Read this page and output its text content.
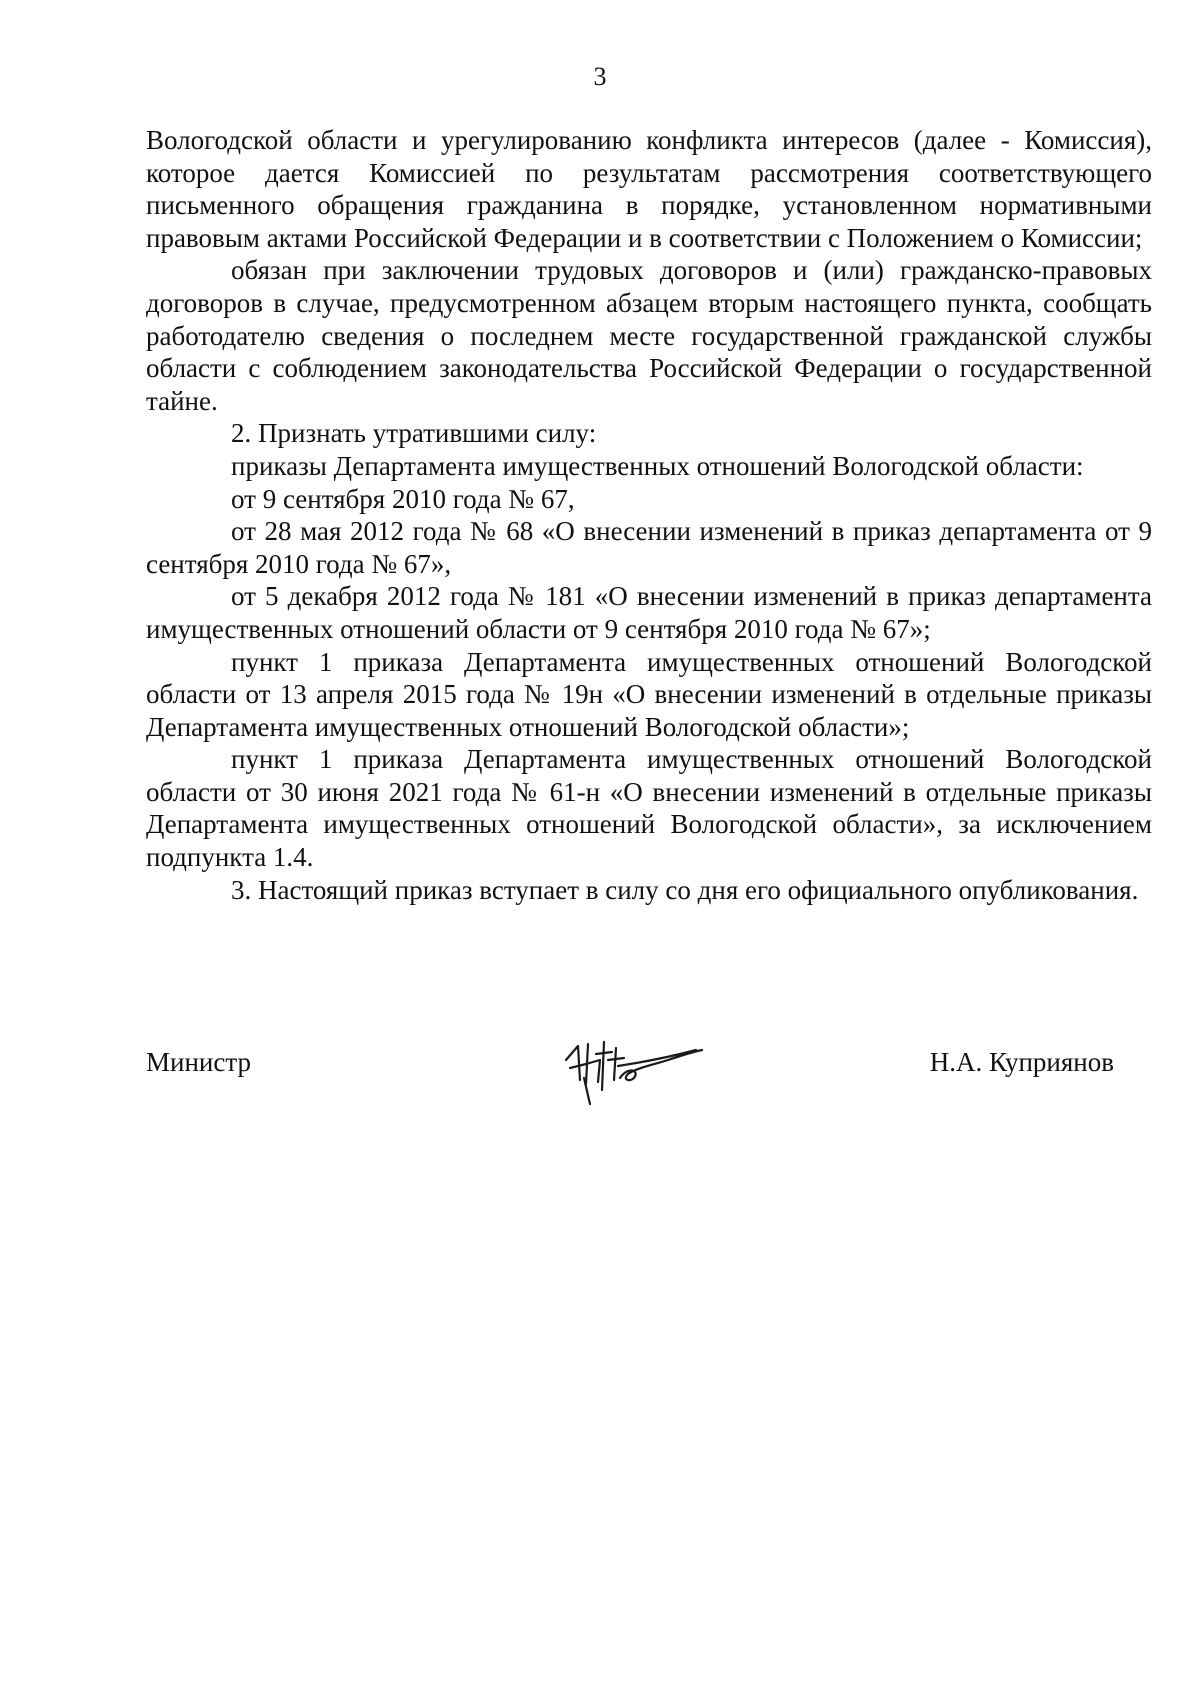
3

Вологодской области и урегулированию конфликта интересов (далее - Комиссия), которое дается Комиссией по результатам рассмотрения соответствующего письменного обращения гражданина в порядке, установленном нормативными правовым актами Российской Федерации и в соответствии с Положением о Комиссии;

обязан при заключении трудовых договоров и (или) гражданско-правовых договоров в случае, предусмотренном абзацем вторым настоящего пункта, сообщать работодателю сведения о последнем месте государственной гражданской службы области с соблюдением законодательства Российской Федерации о государственной тайне.

2. Признать утратившими силу:

приказы Департамента имущественных отношений Вологодской области:

от 9 сентября 2010 года № 67,

от 28 мая 2012 года № 68 «О внесении изменений в приказ департамента от 9 сентября 2010 года № 67»,

от 5 декабря 2012 года № 181 «О внесении изменений в приказ департамента имущественных отношений области от 9 сентября 2010 года № 67»;

пункт 1 приказа Департамента имущественных отношений Вологодской области от 13 апреля 2015 года № 19н «О внесении изменений в отдельные приказы Департамента имущественных отношений Вологодской области»;

пункт 1 приказа Департамента имущественных отношений Вологодской области от 30 июня 2021 года № 61-н «О внесении изменений в отдельные приказы Департамента имущественных отношений Вологодской области», за исключением подпункта 1.4.

3. Настоящий приказ вступает в силу со дня его официального опубликования.

Министр	Н.А. Куприянов
